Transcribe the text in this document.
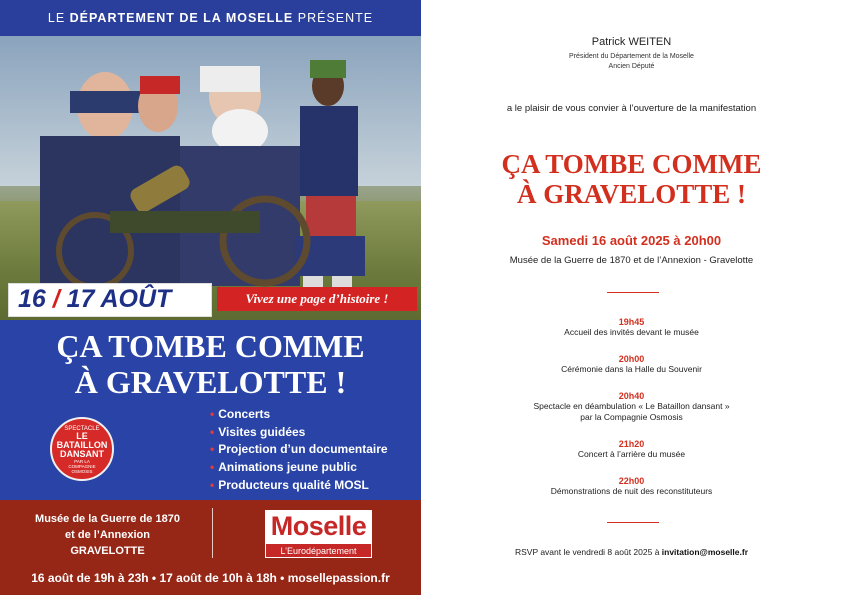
LE DÉPARTEMENT DE LA MOSELLE PRÉSENTE
16 / 17 AOÛT	Vivez une page d’histoire !
ÇA TOMBE COMME
À GRAVELOTTE !
SPECTACLE
LE
BATAILLON
DANSANT
PAR LA
COMPAGNIE
OSMOSIS
• Concerts
• Visites guidées
• Projection d’un documentaire
• Animations jeune public
• Producteurs qualité MOSL
Musée de la Guerre de 1870
et de l’Annexion
GRAVELOTTE
Moselle
L’Eurodépartement
16 août de 19h à 23h • 17 août de 10h à 18h • mosellepassion.fr
Patrick WEITEN
Président du Département de la Moselle
Ancien Député
a le plaisir de vous convier à l’ouverture de la manifestation
ÇA TOMBE COMME
À GRAVELOTTE !
Samedi 16 août 2025 à 20h00
Musée de la Guerre de 1870 et de l’Annexion - Gravelotte
19h45
Accueil des invités devant le musée
20h00
Cérémonie dans la Halle du Souvenir
20h40
Spectacle en déambulation « Le Bataillon dansant »
par la Compagnie Osmosis
21h20
Concert à l’arrière du musée
22h00
Démonstrations de nuit des reconstituteurs
RSVP avant le vendredi 8 août 2025 à invitation@moselle.fr
